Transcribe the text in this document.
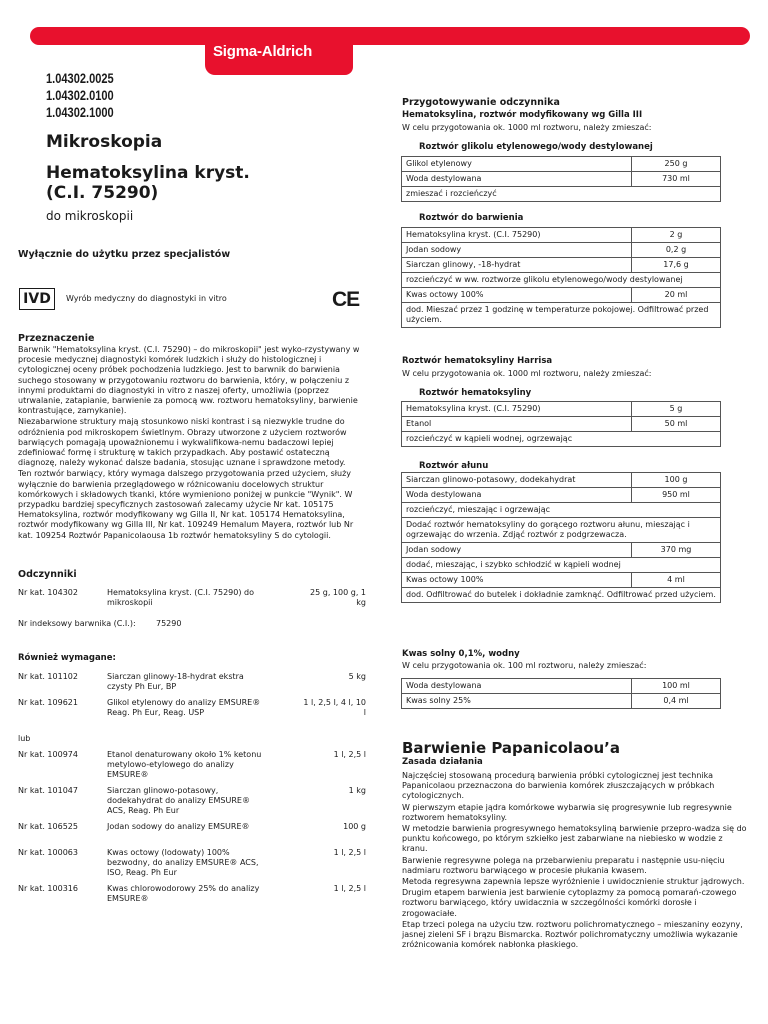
Sigma-Aldrich
1.04302.0025
1.04302.0100
1.04302.1000
Mikroskopia
Hematoksylina kryst.
(C.I. 75290)
do mikroskopii
Wyłącznie do użytku przez specjalistów
IVD	Wyrób medyczny do diagnostyki in vitro	CE
Przeznaczenie

Barwnik "Hematoksylina kryst. (C.I. 75290) – do mikroskopii" jest wyko-rzystywany w procesie medycznej diagnostyki komórek ludzkich i służy do histologicznej i cytologicznej oceny próbek pochodzenia ludzkiego. Jest to barwnik do barwienia suchego stosowany w przygotowaniu roztworu do barwienia, który, w połączeniu z innymi produktami do diagnostyki in vitro z naszej oferty, umożliwia (poprzez utrwalanie, zatapianie, barwienie za pomocą ww. roztworu hematoksyliny, barwienie kontrastujące, zamykanie).

Niezabarwione struktury mają stosunkowo niski kontrast i są niezwykle trudne do odróżnienia pod mikroskopem świetlnym. Obrazy utworzone z użyciem roztworów barwiących pomagają upoważnionemu i wykwalifikowa-nemu badaczowi lepiej zdefiniować formę i strukturę w takich przypadkach. Aby postawić ostateczną diagnozę, należy wykonać dalsze badania, stosując uznane i sprawdzone metody.

Ten roztwór barwiący, który wymaga dalszego przygotowania przed użyciem, służy wyłącznie do barwienia przeglądowego w różnicowaniu docelowych struktur komórkowych i składowych tkanki, które wymieniono poniżej w punkcie "Wynik". W przypadku bardziej specyficznych zastosowań zalecamy użycie Nr kat. 105175 Hematoksylina, roztwór modyfikowany wg Gilla II, Nr kat. 105174 Hematoksylina, roztwór modyfikowany wg Gilla III, Nr kat. 109249 Hemalum Mayera, roztwór lub Nr kat. 109254 Roztwór Papanicolaousa 1b roztwór hematoksyliny S do cytologii.

Odczynniki
Nr kat. 104302	Hematoksylina kryst. (C.I. 75290) do mikroskopii
25 g, 100 g, 1 kg
Nr indeksowy barwnika (C.I.):	75290
Również wymagane:
Nr kat. 101102	Siarczan glinowy-18-hydrat ekstra czysty Ph Eur, BP
5 kg
Nr kat. 109621	Glikol etylenowy do analizy EMSURE® Reag. Ph Eur, Reag. USP
1 l, 2,5 l, 4 l, 10 l
Nr kat. 100974	Etanol denaturowany około 1% ketonu metylowo-etylowego do analizy EMSURE®
1 l, 2,5 l
Nr kat. 101047	Siarczan glinowo-potasowy, dodekahydrat do analizy EMSURE® ACS, Reag. Ph Eur
1 kg
Nr kat. 106525	Jodan sodowy do analizy EMSURE®	100 g
Nr kat. 100063	Kwas octowy (lodowaty) 100% bezwodny, do analizy EMSURE® ACS, ISO, Reag. Ph Eur
1 l, 2,5 l
Nr kat. 100316	Kwas chlorowodorowy 25% do analizy EMSURE®
1 l, 2,5 l
lub
Przygotowywanie odczynnika
Hematoksylina, roztwór modyfikowany wg Gilla III
W celu przygotowania ok. 1000 ml roztworu, należy zmieszać:
Roztwór glikolu etylenowego/wody destylowanej
Glikol etylenowy	250 g
Woda destylowana	730 ml
zmieszać i rozcieńczyć	
Roztwór do barwienia
Hematoksylina kryst. (C.I. 75290)	2 g
Jodan sodowy	0,2 g
Siarczan glinowy, -18-hydrat	17,6 g
rozcieńczyć w ww. roztworze glikolu etylenowego/wody destylowanej	
Kwas octowy 100%	20 ml
dod. Mieszać przez 1 godzinę w temperaturze pokojowej. Odfiltrować przed użyciem.	
Roztwór hematoksyliny Harrisa
W celu przygotowania ok. 1000 ml roztworu, należy zmieszać:
Roztwór hematoksyliny
Hematoksylina kryst. (C.I. 75290)	5 g
Etanol	50 ml
rozcieńczyć w kąpieli wodnej, ogrzewając	
Roztwór ałunu
Siarczan glinowo-potasowy, dodekahydrat	100 g
Woda destylowana	950 ml
rozcieńczyć, mieszając i ogrzewając	
Dodać roztwór hematoksyliny do gorącego roztworu ałunu, mieszając i ogrzewając do wrzenia. Zdjąć roztwór z podgrzewacza.	
Jodan sodowy	370 mg
dodać, mieszając, i szybko schłodzić w kąpieli wodnej	
Kwas octowy 100%	4 ml
dod. Odfiltrować do butelek i dokładnie zamknąć. Odfiltrować przed użyciem.	
Kwas solny 0,1%, wodny
W celu przygotowania ok. 100 ml roztworu, należy zmieszać:
Woda destylowana	100 ml
Kwas solny 25%	0,4 ml
Barwienie Papanicolaou’a
Zasada działania

Najczęściej stosowaną procedurą barwienia próbki cytologicznej jest technika Papanicolaou przeznaczona do barwienia komórek złuszczających w próbkach cytologicznych.

W pierwszym etapie jądra komórkowe wybarwia się progresywnie lub regresywnie roztworem hematoksyliny.

W metodzie barwienia progresywnego hematoksyliną barwienie przepro-wadza się do punktu końcowego, po którym szkiełko jest zabarwiane na niebiesko w wodzie z kranu.

Barwienie regresywne polega na przebarwieniu preparatu i następnie usu-nięciu nadmiaru roztworu barwiącego w procesie płukania kwasem.

Metoda regresywna zapewnia lepsze wyróżnienie i uwidocznienie struktur jądrowych.

Drugim etapem barwienia jest barwienie cytoplazmy za pomocą pomarań-czowego roztworu barwiącego, który uwidacznia w szczególności komórki dorosłe i zrogowaciałe.

Etap trzeci polega na użyciu tzw. roztworu polichromatycznego – mieszaniny eozyny, jasnej zieleni SF i brązu Bismarcka. Roztwór polichromatyczny umożliwia wykazanie zróżnicowania komórek nabłonka płaskiego.
